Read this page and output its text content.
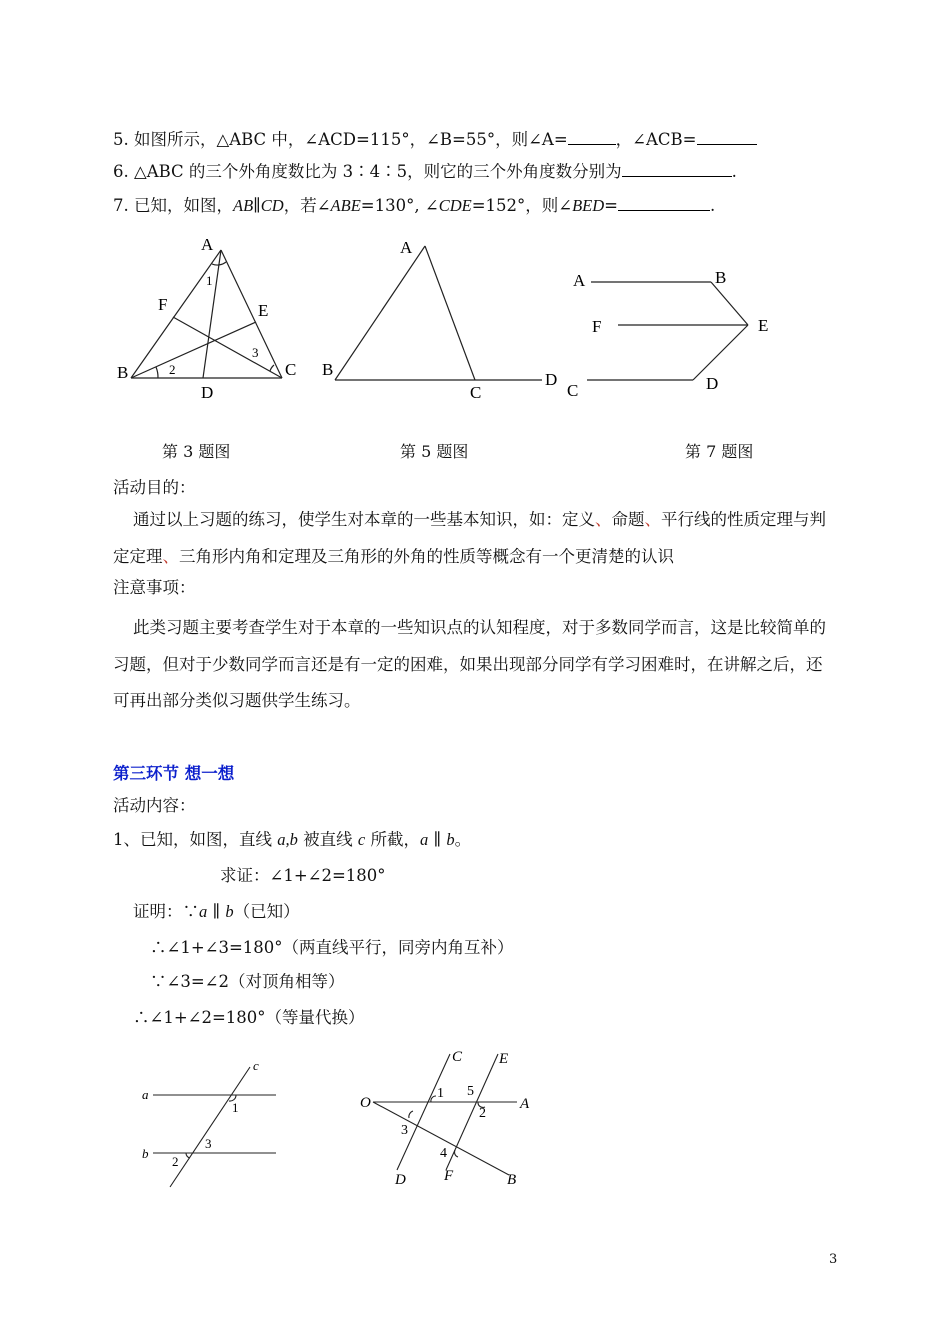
5. 如图所示，△ABC 中，∠ACD=115°，∠B=55°，则∠A=	，∠ACB=
6. △ABC 的三个外角度数比为 3∶4∶5，则它的三个外角度数分别为	.
7. 已知，如图，AB∥CD，若∠ABE=130°, ∠CDE=152°，则∠BED=	.
A
B	C
D
E
F
1
2
3
A
B
C
D
A	B
F	E
C	D
第 3 题图	第 5 题图	第 7 题图
活动目的：
通过以上习题的练习，使学生对本章的一些基本知识，如：定义、命题、平行线的性质定理与判定定理、三角形内角和定理及三角形的外角的性质等概念有一个更清楚的认识
注意事项：
此类习题主要考查学生对于本章的一些知识点的认知程度，对于多数同学而言，这是比较简单的习题，但对于少数同学而言还是有一定的困难，如果出现部分同学有学习困难时，在讲解之后，还可再出部分类似习题供学生练习。
第三环节 想一想
活动内容：
1、已知，如图，直线 a,b 被直线 c 所截，a ∥ b。
求证：∠1+∠2=180°
证明：∵a ∥ b（已知）
∴∠1+∠3=180°（两直线平行，同旁内角互补）
∵∠3=∠2（对顶角相等）
∴∠1+∠2=180°（等量代换）
c
a
b
1
3
2
O
C E
A
D	F	B
1 5
2
3
4
3
